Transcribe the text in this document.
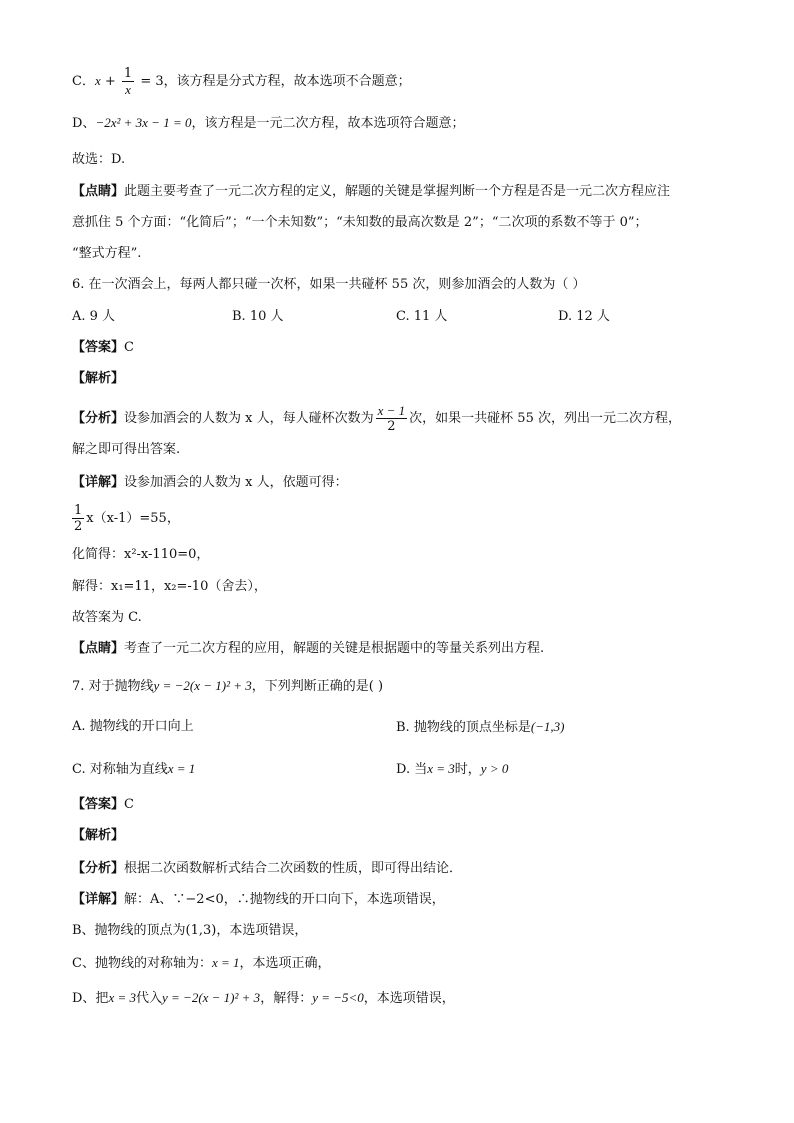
C．$x + \frac{1}{x} = 3$，该方程是分式方程，故本选项不合题意；
D、−2x² + 3x − 1 = 0，该方程是一元二次方程，故本选项符合题意；
故选：D.
【点睛】此题主要考查了一元二次方程的定义，解题的关键是掌握判断一个方程是否是一元二次方程应注
意抓住 5 个方面：“化简后”；“一个未知数”；“未知数的最高次数是 2”；“二次项的系数不等于 0”；
“整式方程”.
6. 在一次酒会上，每两人都只碰一次杯，如果一共碰杯 55 次，则参加酒会的人数为（ ）
A. 9 人	B. 10 人	C. 11 人	D. 12 人
【答案】C
【解析】
【分析】设参加酒会的人数为 x 人，每人碰杯次数为 $\frac{x - 1}{2}$ 次，如果一共碰杯 55 次，列出一元二次方程，
解之即可得出答案.
【详解】设参加酒会的人数为 x 人，依题可得：
$\frac{1}{2} x(x-1)=55$，
化简得：x²-x-110=0，
解得：x₁=11，x₂=-10（舍去），
故答案为 C.
【点睛】考查了一元二次方程的应用，解题的关键是根据题中的等量关系列出方程.
7. 对于抛物线y = −2(x − 1)² + 3，下列判断正确的是( )
A. 抛物线的开口向上	B. 抛物线的顶点坐标是(−1,3)
C. 对称轴为直线x = 1	D. 当x = 3时，y > 0
【答案】C
【解析】
【分析】根据二次函数解析式结合二次函数的性质，即可得出结论．
【详解】解：A、∵−2<0，∴抛物线的开口向下，本选项错误，
B、抛物线的顶点为(1,3)，本选项错误，
C、抛物线的对称轴为：x = 1，本选项正确，
D、把x = 3代入y = −2(x − 1)² + 3，解得：y = −5<0，本选项错误，
